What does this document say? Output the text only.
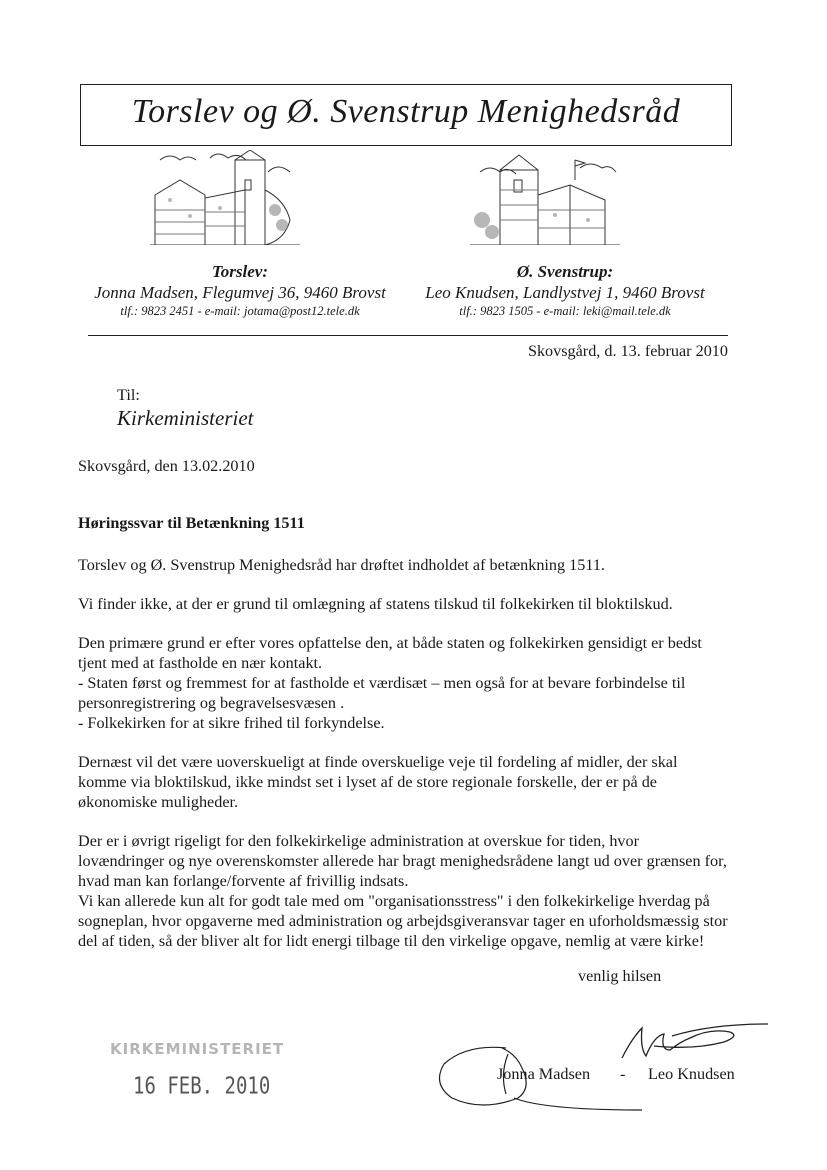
Torslev og Ø. Svenstrup Menighedsråd
Torslev:
Jonna Madsen, Flegumvej 36, 9460 Brovst
tlf.: 9823 2451 - e-mail: jotama@post12.tele.dk
Ø. Svenstrup:
Leo Knudsen, Landlystvej 1, 9460 Brovst
tlf.: 9823 1505 - e-mail: leki@mail.tele.dk
Skovsgård, d. 13. februar 2010
Til:
Kirkeministeriet
Skovsgård, den 13.02.2010
Høringssvar til Betænkning 1511

Torslev og Ø. Svenstrup Menighedsråd har drøftet indholdet af betænkning 1511.

Vi finder ikke, at der er grund til omlægning af statens tilskud til folkekirken til bloktilskud.

Den primære grund er efter vores opfattelse den, at både staten og folkekirken gensidigt er bedst

tjent med at fastholde en nær kontakt.

- Staten først og fremmest for at fastholde et værdisæt – men også for at bevare forbindelse til

personregistrering og begravelsesvæsen .

- Folkekirken for at sikre frihed til forkyndelse.

Dernæst vil det være uoverskueligt at finde overskuelige veje til fordeling af midler, der skal

komme via bloktilskud, ikke mindst set i lyset af de store regionale forskelle, der er på de

økonomiske muligheder.

Der er i øvrigt rigeligt for den folkekirkelige administration at overskue for tiden, hvor

lovændringer og nye overenskomster allerede har bragt menighedsrådene langt ud over grænsen for,

hvad man kan forlange/forvente af frivillig indsats.

Vi kan allerede kun alt for godt tale med om "organisationsstress" i den folkekirkelige hverdag på

sogneplan, hvor opgaverne med administration og arbejdsgiveransvar tager en uforholdsmæssig stor

del af tiden, så der bliver alt for lidt energi tilbage til den virkelige opgave, nemlig at være kirke!

venlig hilsen
Jonna Madsen - Leo Knudsen
KIRKEMINISTERIET
16 FEB. 2010
